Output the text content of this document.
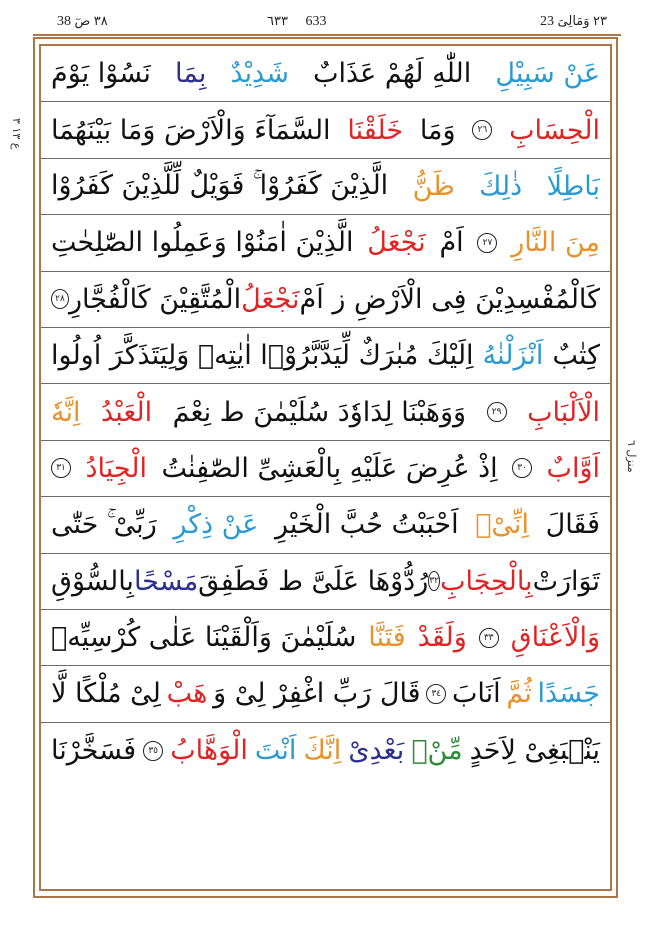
٣٨ صٓ 38	٦٣٣ 633	٢٣ وَمَالِیَ 23
عَنْ سَبِیْلِ
اللّٰهِ لَهُمْ عَذَابٌ
شَدِیْدٌ
بِمَا
نَسُوْا یَوْمَ
الْحِسَابِ
٢٦
وَمَا
خَلَقْنَا
السَّمَآءَ وَالْاَرْضَ وَمَا بَیْنَهُمَا
بَاطِلًا
ذٰلِكَ
ظَنُّ
الَّذِیْنَ كَفَرُوْا ۚ فَوَیْلٌ لِّلَّذِیْنَ كَفَرُوْا
مِنَ النَّارِ
٢٧
اَمْ
نَجْعَلُ
الَّذِیْنَ اٰمَنُوْا وَعَمِلُوا الصّٰلِحٰتِ
كَالْمُفْسِدِیْنَ فِی الْاَرْضِ ز اَمْ
نَجْعَلُ
الْمُتَّقِیْنَ كَالْفُجَّارِ
٢٨
كِتٰبٌ
اَنْزَلْنٰهُ
اِلَیْكَ مُبٰرَكٌ لِّیَدَّبَّرُوْۤا اٰیٰتِهٖ وَلِیَتَذَكَّرَ اُولُوا
الْاَلْبَابِ
٢٩
وَوَهَبْنَا لِدَاوٗدَ سُلَیْمٰنَ ط نِعْمَ
الْعَبْدُ
اِنَّهٗ
اَوَّابٌ
٣٠
اِذْ عُرِضَ عَلَیْهِ بِالْعَشِیِّ الصّٰفِنٰتُ
الْجِیَادُ
٣١
فَقَالَ
اِنِّیْۤ
اَحْبَبْتُ حُبَّ الْخَیْرِ
عَنْ ذِكْرِ
رَبِّیْ ۚ حَتّٰی
تَوَارَتْ
بِالْحِجَابِ
٣٢
رُدُّوْهَا عَلَیَّ ط فَطَفِقَ
مَسْحًا
بِالسُّوْقِ
وَالْاَعْنَاقِ
٣٣
وَلَقَدْ
فَتَنَّا
سُلَیْمٰنَ وَاَلْقَیْنَا عَلٰی كُرْسِیِّهٖ
جَسَدًا
ثُمَّ
اَنَابَ
٣٤
قَالَ رَبِّ اغْفِرْ لِیْ وَ
هَبْ
لِیْ مُلْكًا لَّا
یَنْۢبَغِیْ لِاَحَدٍ
مِّنْۢ
بَعْدِیْ
اِنَّكَ
اَنْتَ
الْوَهَّابُ
٣٥
فَسَخَّرْنَا
ع ١٣ ٣
منزل ٦
